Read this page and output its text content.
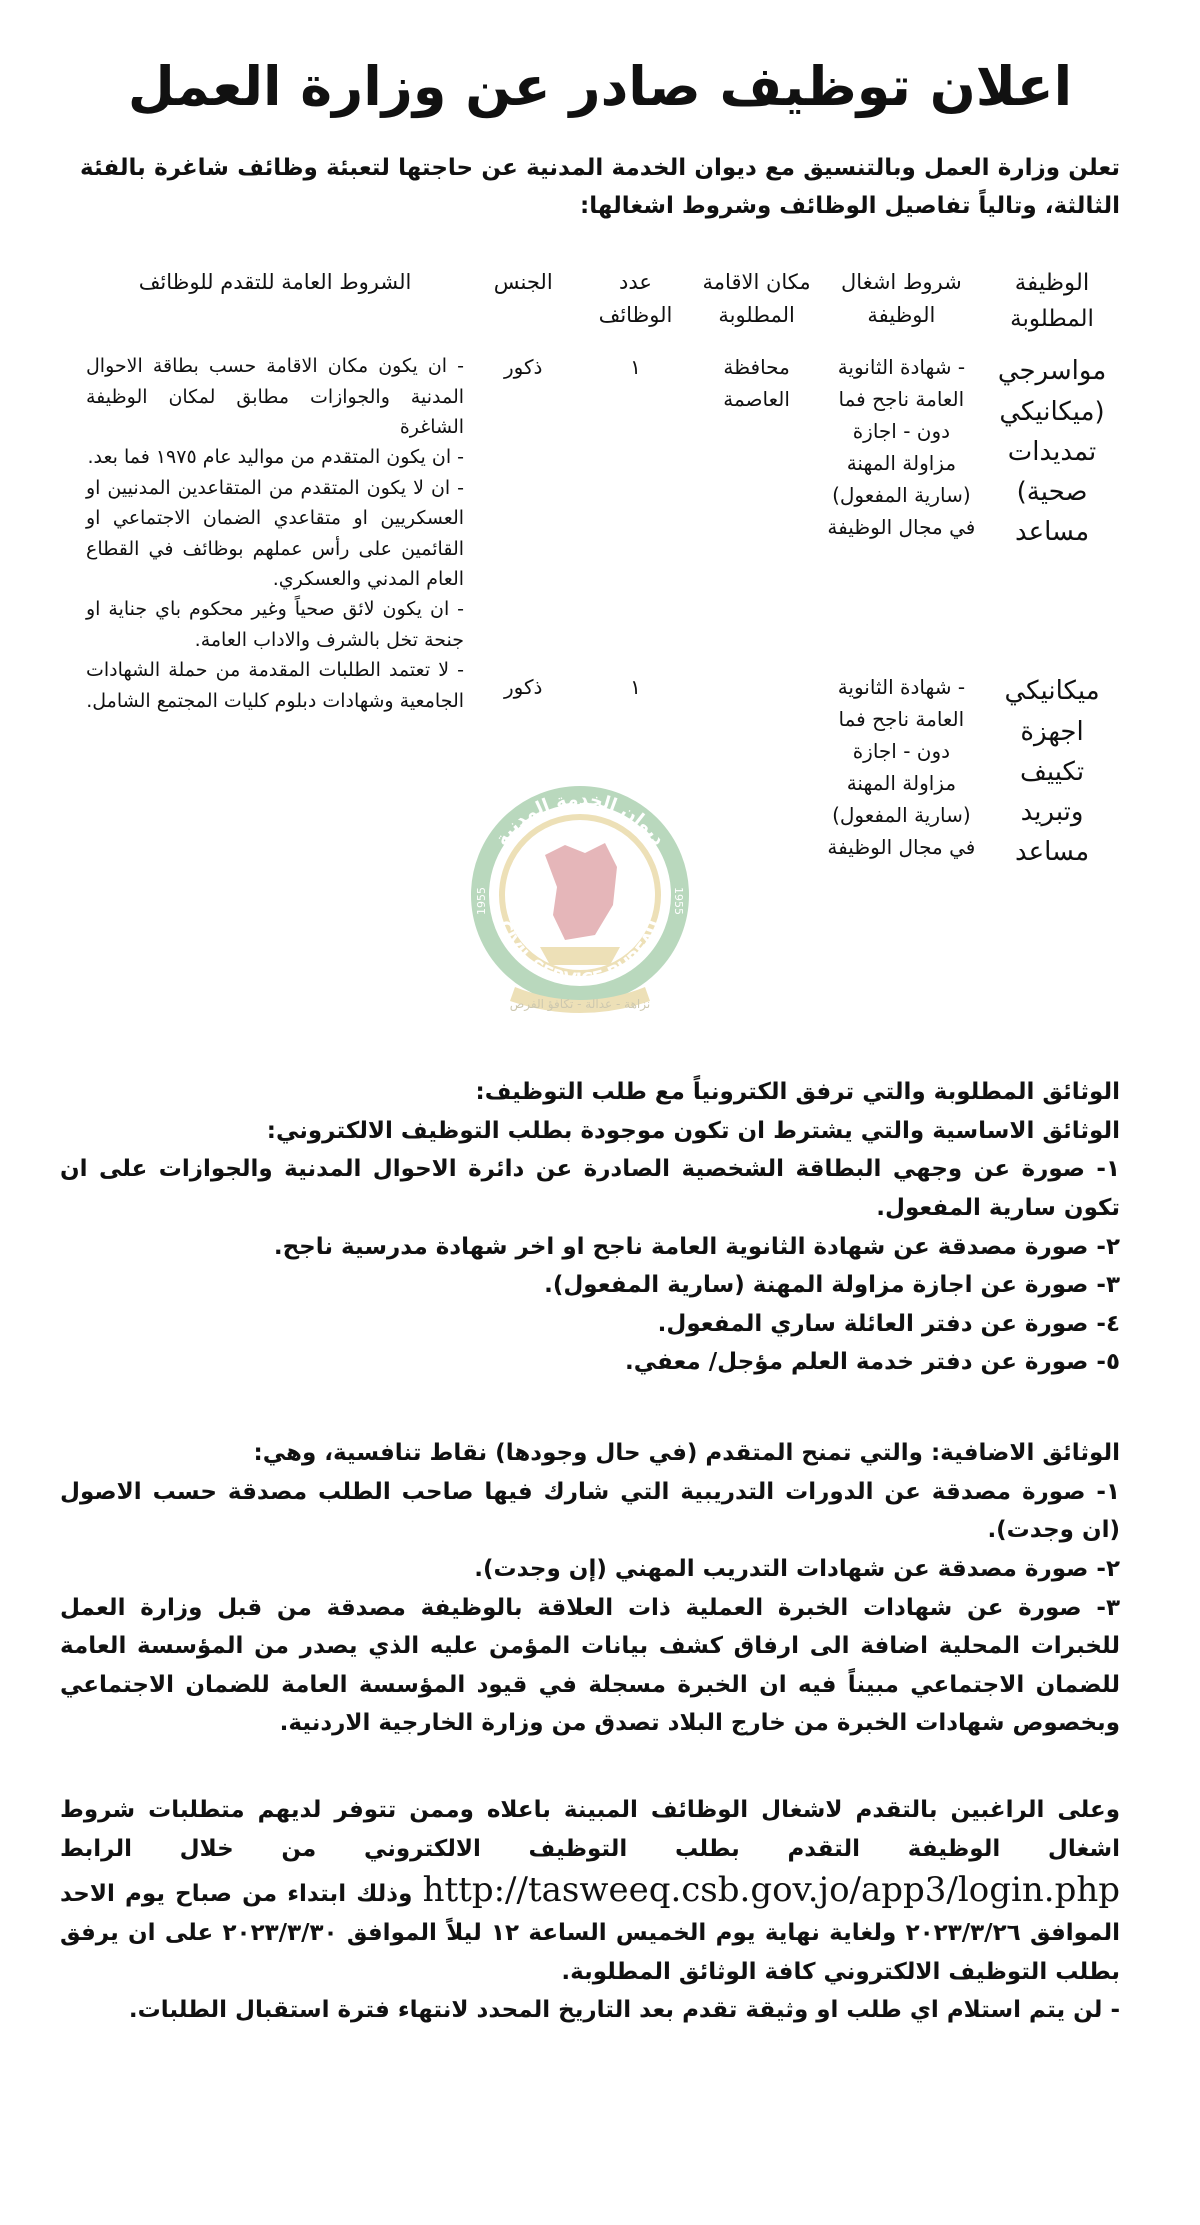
اعلان توظيف صادر عن وزارة العمل

تعلن وزارة العمل وبالتنسيق مع ديوان الخدمة المدنية عن حاجتها لتعبئة وظائف شاغرة بالفئة الثالثة، وتالياً تفاصيل الوظائف وشروط اشغالها:

الوظيفة المطلوبة	شروط اشغال الوظيفة	مكان الاقامة المطلوبة	عدد الوظائف	الجنس	الشروط العامة للتقدم للوظائف
مواسرجي (ميكانيكي تمديدات صحية) مساعد	- شهادة الثانوية العامة ناجح فما دون - اجازة مزاولة المهنة (سارية المفعول) في مجال الوظيفة	محافظة العاصمة	١	ذكور	- ان يكون مكان الاقامة حسب بطاقة الاحوال المدنية والجوازات مطابق لمكان الوظيفة الشاغرة
- ان يكون المتقدم من مواليد عام ١٩٧٥ فما بعد.
- ان لا يكون المتقدم من المتقاعدين المدنيين او العسكريين او متقاعدي الضمان الاجتماعي او القائمين على رأس عملهم بوظائف في القطاع العام المدني والعسكري.
- ان يكون لائق صحياً وغير محكوم باي جناية او جنحة تخل بالشرف والاداب العامة.
- لا تعتمد الطلبات المقدمة من حملة الشهادات الجامعية وشهادات دبلوم كليات المجتمع الشامل.

ميكانيكي اجهزة تكييف وتبريد مساعد	- شهادة الثانوية العامة ناجح فما دون - اجازة مزاولة المهنة (سارية المفعول) في مجال الوظيفة		١	ذكور	
CIVIL SERVICE BUREAU
ديوان الخدمة المدنية
1955	1955
نزاهة - عدالة - تكافؤ الفرص

الوثائق المطلوبة والتي ترفق الكترونياً مع طلب التوظيف:

الوثائق الاساسية والتي يشترط ان تكون موجودة بطلب التوظيف الالكتروني:

١- صورة عن وجهي البطاقة الشخصية الصادرة عن دائرة الاحوال المدنية والجوازات على ان تكون سارية المفعول.

٢- صورة مصدقة عن شهادة الثانوية العامة ناجح او اخر شهادة مدرسية ناجح.

٣- صورة عن اجازة مزاولة المهنة (سارية المفعول).

٤- صورة عن دفتر العائلة ساري المفعول.

٥- صورة عن دفتر خدمة العلم مؤجل/ معفي.

الوثائق الاضافية: والتي تمنح المتقدم (في حال وجودها) نقاط تنافسية، وهي:

١- صورة مصدقة عن الدورات التدريبية التي شارك فيها صاحب الطلب مصدقة حسب الاصول (ان وجدت).

٢- صورة مصدقة عن شهادات التدريب المهني (إن وجدت).

٣- صورة عن شهادات الخبرة العملية ذات العلاقة بالوظيفة مصدقة من قبل وزارة العمل للخبرات المحلية اضافة الى ارفاق كشف بيانات المؤمن عليه الذي يصدر من المؤسسة العامة للضمان الاجتماعي مبيناً فيه ان الخبرة مسجلة في قيود المؤسسة العامة للضمان الاجتماعي وبخصوص شهادات الخبرة من خارج البلاد تصدق من وزارة الخارجية الاردنية.

وعلى الراغبين بالتقدم لاشغال الوظائف المبينة باعلاه وممن تتوفر لديهم متطلبات شروط اشغال الوظيفة التقدم بطلب التوظيف الالكتروني من خلال الرابط http://tasweeq.csb.gov.jo/app3/login.php وذلك ابتداء من صباح يوم الاحد الموافق ٢٠٢٣/٣/٢٦ ولغاية نهاية يوم الخميس الساعة ١٢ ليلاً الموافق ٢٠٢٣/٣/٣٠ على ان يرفق بطلب التوظيف الالكتروني كافة الوثائق المطلوبة.

- لن يتم استلام اي طلب او وثيقة تقدم بعد التاريخ المحدد لانتهاء فترة استقبال الطلبات.
